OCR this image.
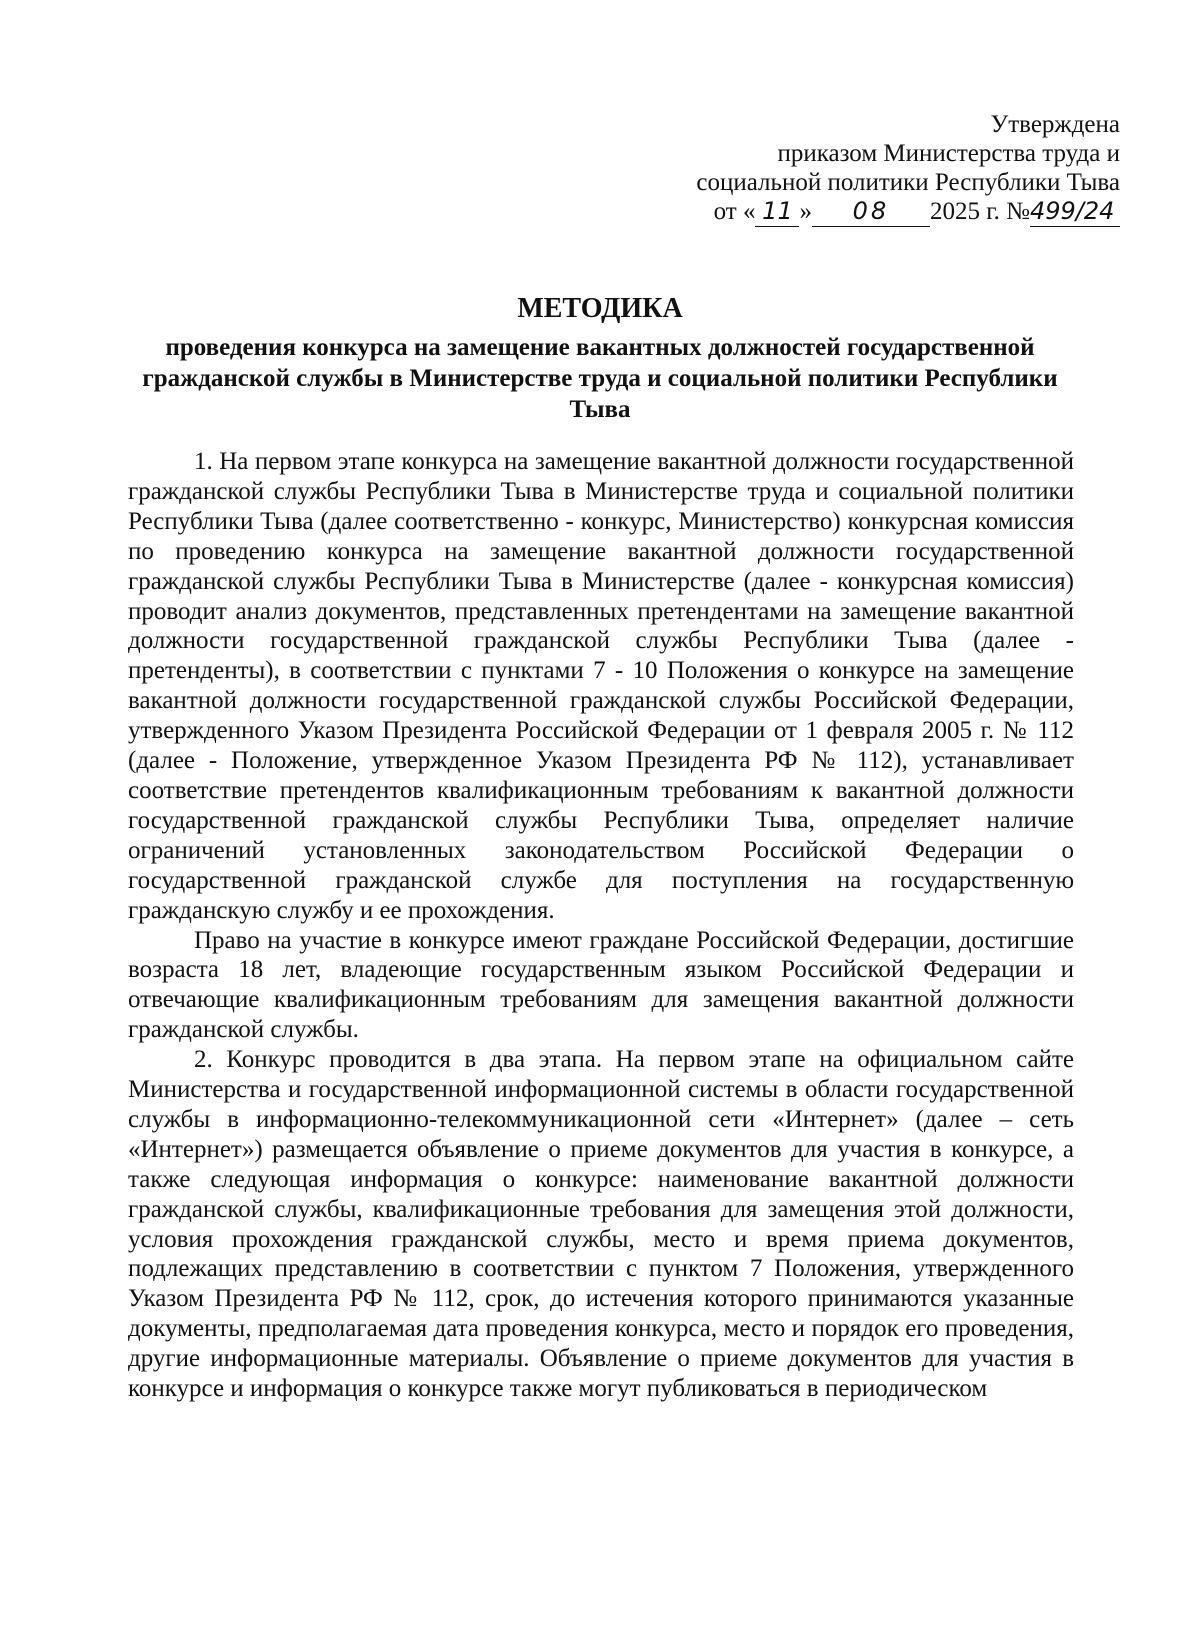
Утверждена
приказом Министерства труда и
социальной политики Республики Тыва
от « 11 » 08 2025 г. №499/24
МЕТОДИКА
проведения конкурса на замещение вакантных должностей государственной гражданской службы в Министерстве труда и социальной политики Республики Тыва

1. На первом этапе конкурса на замещение вакантной должности государственной гражданской службы Республики Тыва в Министерстве труда и социальной политики Республики Тыва (далее соответственно - конкурс, Министерство) конкурсная комиссия по проведению конкурса на замещение вакантной должности государственной гражданской службы Республики Тыва в Министерстве (далее - конкурсная комиссия) проводит анализ документов, представленных претендентами на замещение вакантной должности государственной гражданской службы Республики Тыва (далее - претенденты), в соответствии с пунктами 7 - 10 Положения о конкурсе на замещение вакантной должности государственной гражданской службы Российской Федерации, утвержденного Указом Президента Российской Федерации от 1 февраля 2005 г. № 112 (далее - Положение, утвержденное Указом Президента РФ № 112), устанавливает соответствие претендентов квалификационным требованиям к вакантной должности государственной гражданской службы Республики Тыва, определяет наличие ограничений установленных законодательством Российской Федерации о государственной гражданской службе для поступления на государственную гражданскую службу и ее прохождения.

Право на участие в конкурсе имеют граждане Российской Федерации, достигшие возраста 18 лет, владеющие государственным языком Российской Федерации и отвечающие квалификационным требованиям для замещения вакантной должности гражданской службы.

2. Конкурс проводится в два этапа. На первом этапе на официальном сайте Министерства и государственной информационной системы в области государственной службы в информационно-телекоммуникационной сети «Интернет» (далее – сеть «Интернет») размещается объявление о приеме документов для участия в конкурсе, а также следующая информация о конкурсе: наименование вакантной должности гражданской службы, квалификационные требования для замещения этой должности, условия прохождения гражданской службы, место и время приема документов, подлежащих представлению в соответствии с пунктом 7 Положения, утвержденного Указом Президента РФ № 112, срок, до истечения которого принимаются указанные документы, предполагаемая дата проведения конкурса, место и порядок его проведения, другие информационные материалы. Объявление о приеме документов для участия в конкурсе и информация о конкурсе также могут публиковаться в периодическом
